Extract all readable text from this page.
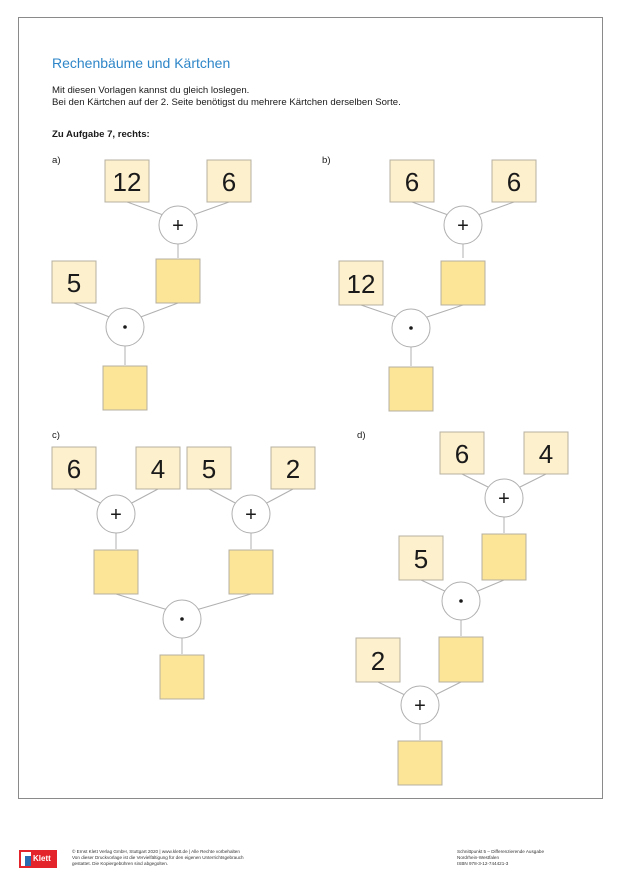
Rechenbäume und Kärtchen

Mit diesen Vorlagen kannst du gleich loslegen.
Bei den Kärtchen auf der 2. Seite benötigst du mehrere Kärtchen derselben Sorte.

Zu Aufgabe 7, rechts:

a)	b)
c)	d)
12	6
+
5
6	6
+
12
6	4
+
5	2
+
6	4
+
5
2
+
Klett
© Ernst Klett Verlag GmbH, Stuttgart 2020 | www.klett.de | Alle Rechte vorbehalten
Von dieser Druckvorlage ist die Vervielfältigung für den eigenen Unterrichtsgebrauch
gestattet. Die Kopiergebühren sind abgegolten.
Schnittpunkt 5 – Differenzierende Ausgabe
Nordrhein-Westfalen
ISBN 978-3-12-744421-3
